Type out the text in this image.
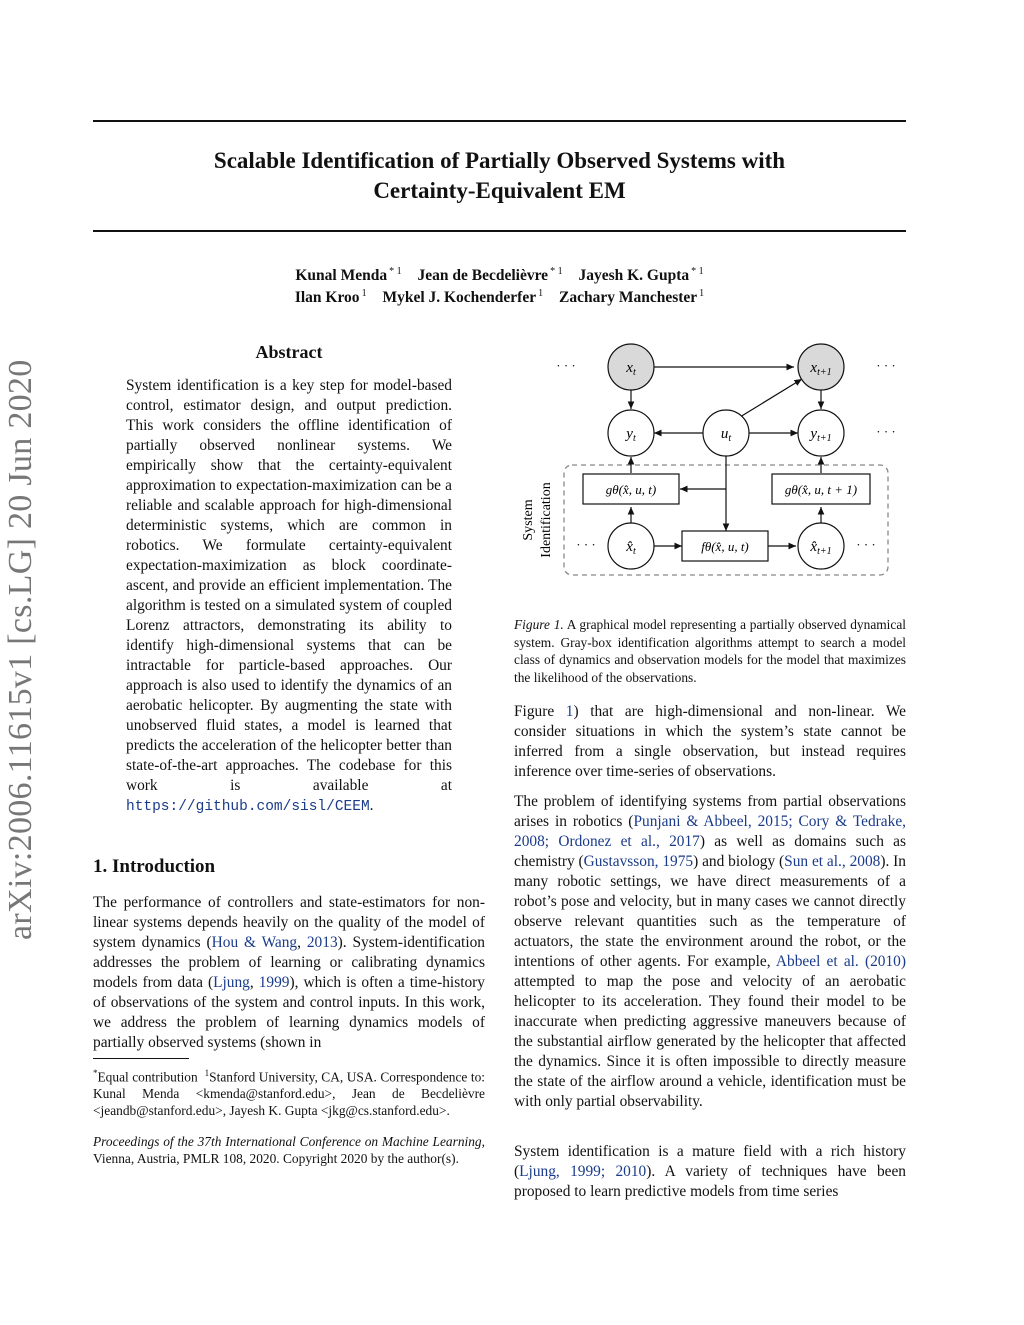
Scalable Identification of Partially Observed Systems with
Certainty-Equivalent EM
Kunal Menda $^{* 1}$ Jean de Becdelièvre $^{* 1}$ Jayesh K. Gupta $^{* 1}$
Ilan Kroo $^1$ Mykel J. Kochenderfer $^1$ Zachary Manchester $^1$
arXiv:2006.11615v1 [cs.LG] 20 Jun 2020
Abstract
System identification is a key step for model-based control, estimator design, and output prediction. This work considers the offline identification of partially observed nonlinear systems. We empirically show that the certainty-equivalent approximation to expectation-maximization can be a reliable and scalable approach for high-dimensional deterministic systems, which are common in robotics. We formulate certainty-equivalent expectation-maximization as block coordinate-ascent, and provide an efficient implementation. The algorithm is tested on a simulated system of coupled Lorenz attractors, demonstrating its ability to identify high-dimensional systems that can be intractable for particle-based approaches. Our approach is also used to identify the dynamics of an aerobatic helicopter. By augmenting the state with unobserved fluid states, a model is learned that predicts the acceleration of the helicopter better than state-of-the-art approaches. The codebase for this work is available at https://github.com/sisl/CEEM.
1. Introduction

The performance of controllers and state-estimators for non-linear systems depends heavily on the quality of the model of system dynamics (Hou & Wang, 2013). System-identification addresses the problem of learning or calibrating dynamics models from data (Ljung, 1999), which is often a time-history of observations of the system and control inputs. In this work, we address the problem of learning dynamics models of partially observed systems (shown in

*Equal contribution $^1$Stanford University, CA, USA. Correspondence to: Kunal Menda <kmenda@stanford.edu>, Jean de Becdelièvre <jeandb@stanford.edu>, Jayesh K. Gupta <jkg@cs.stanford.edu>.

Proceedings of the 37th International Conference on Machine Learning, Vienna, Austria, PMLR 108, 2020. Copyright 2020 by the author(s).

System Identification
$x_t$	$x_{t+1}$
$y_t$	$u_t$	$y_{t+1}$
$x̂_t$	$x̂_{t+1}$
gθ(x̂, u, t)	gθ(x̂, u, t + 1)
fθ(x̂, u, t)
· · ·	· · ·
· · ·
· · ·	· · ·
Figure 1. A graphical model representing a partially observed dynamical system. Gray-box identification algorithms attempt to search a model class of dynamics and observation models for the model that maximizes the likelihood of the observations.

Figure 1) that are high-dimensional and non-linear. We consider situations in which the system’s state cannot be inferred from a single observation, but instead requires inference over time-series of observations.

The problem of identifying systems from partial observations arises in robotics (Punjani & Abbeel, 2015; Cory & Tedrake, 2008; Ordonez et al., 2017) as well as domains such as chemistry (Gustavsson, 1975) and biology (Sun et al., 2008). In many robotic settings, we have direct measurements of a robot’s pose and velocity, but in many cases we cannot directly observe relevant quantities such as the temperature of actuators, the state the environment around the robot, or the intentions of other agents. For example, Abbeel et al. (2010) attempted to map the pose and velocity of an aerobatic helicopter to its acceleration. They found their model to be inaccurate when predicting aggressive maneuvers because of the substantial airflow generated by the helicopter that affected the dynamics. Since it is often impossible to directly measure the state of the airflow around a vehicle, identification must be with only partial observability.

System identification is a mature field with a rich history (Ljung, 1999; 2010). A variety of techniques have been proposed to learn predictive models from time series
